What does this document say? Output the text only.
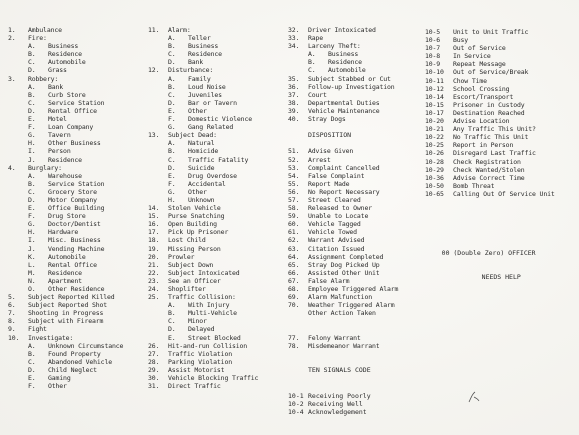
1. Ambulance
2. Fire:
A. Business
B. Residence
C. Automobile
D. Grass
3. Robbery:
A. Bank
B. Curb Store
C. Service Station
D. Rental Office
E. Motel
F. Loan Company
G. Tavern
H. Other Business
I. Person
J. Residence
4. Burglary:
A. Warehouse
B. Service Station
C. Grocery Store
D. Motor Company
E. Office Building
F. Drug Store
G. Doctor/Dentist
H. Hardware
I. Misc. Business
J. Vending Machine
K. Automobile
L. Rental Office
M. Residence
N. Apartment
O. Other Residence
5. Subject Reported Killed
6. Subject Reported Shot
7. Shooting in Progress
8. Subject with Firearm
9. Fight
10. Investigate:
A. Unknown Circumstance
B. Found Property
C. Abandoned Vehicle
D. Child Neglect
E. Gaming
F. Other
11. Alarm:
A. Teller
B. Business
C. Residence
D. Bank
12. Disturbance:
A. Family
B. Loud Noise
C. Juveniles
D. Bar or Tavern
E. Other
F. Domestic Violence
G. Gang Related
13. Subject Dead:
A. Natural
B. Homicide
C. Traffic Fatality
D. Suicide
E. Drug Overdose
F. Accidental
G. Other
H. Unknown
14. Stolen Vehicle
15. Purse Snatching
16. Open Building
17. Pick Up Prisoner
18. Lost Child
19. Missing Person
20. Prowler
21. Subject Down
22. Subject Intoxicated
23. See an Officer
24. Shoplifter
25. Traffic Collision:
A. With Injury
B. Multi-Vehicle
C. Minor
D. Delayed
E. Street Blocked
26. Hit-and-run Collision
27. Traffic Violation
28. Parking Violation
29. Assist Motorist
30. Vehicle Blocking Traffic
31. Direct Traffic
32. Driver Intoxicated
33. Rape
34. Larceny Theft:
A. Business
B. Residence
C. Automobile
35. Subject Stabbed or Cut
36. Follow-up Investigation
37. Court
38. Departmental Duties
39. Vehicle Maintenance
40. Stray Dogs
DISPOSITION
51. Advise Given
52. Arrest
53. Complaint Cancelled
54. False Complaint
55. Report Made
56. No Report Necessary
57. Street Cleared
58. Released to Owner
59. Unable to Locate
60. Vehicle Tagged
61. Vehicle Towed
62. Warrant Advised
63. Citation Issued
64. Assignment Completed
65. Stray Dog Picked Up
66. Assisted Other Unit
67. False Alarm
68. Employee Triggered Alarm
69. Alarm Malfunction
70. Weather Triggered Alarm
Other Action Taken
77. Felony Warrant
78. Misdemeanor Warrant
TEN SIGNALS CODE
10-5 Unit to Unit Traffic
10-6 Busy
10-7 Out of Service
10-8 In Service
10-9 Repeat Message
10-10 Out of Service/Break
10-11 Chow Time
10-12 School Crossing
10-14 Escort/Transport
10-15 Prisoner in Custody
10-17 Destination Reached
10-20 Advise Location
10-21 Any Traffic This Unit?
10-22 No Traffic This Unit
10-25 Report in Person
10-26 Disregard Last Traffic
10-28 Check Registration
10-29 Check Wanted/Stolen
10-36 Advise Correct Time
10-50 Bomb Threat
10-65 Calling Out Of Service Unit

00 (Double Zero) OFFICER

NEEDS HELP

10-1 Receiving Poorly
10-2 Receiving Well
10-4 Acknowledgement
